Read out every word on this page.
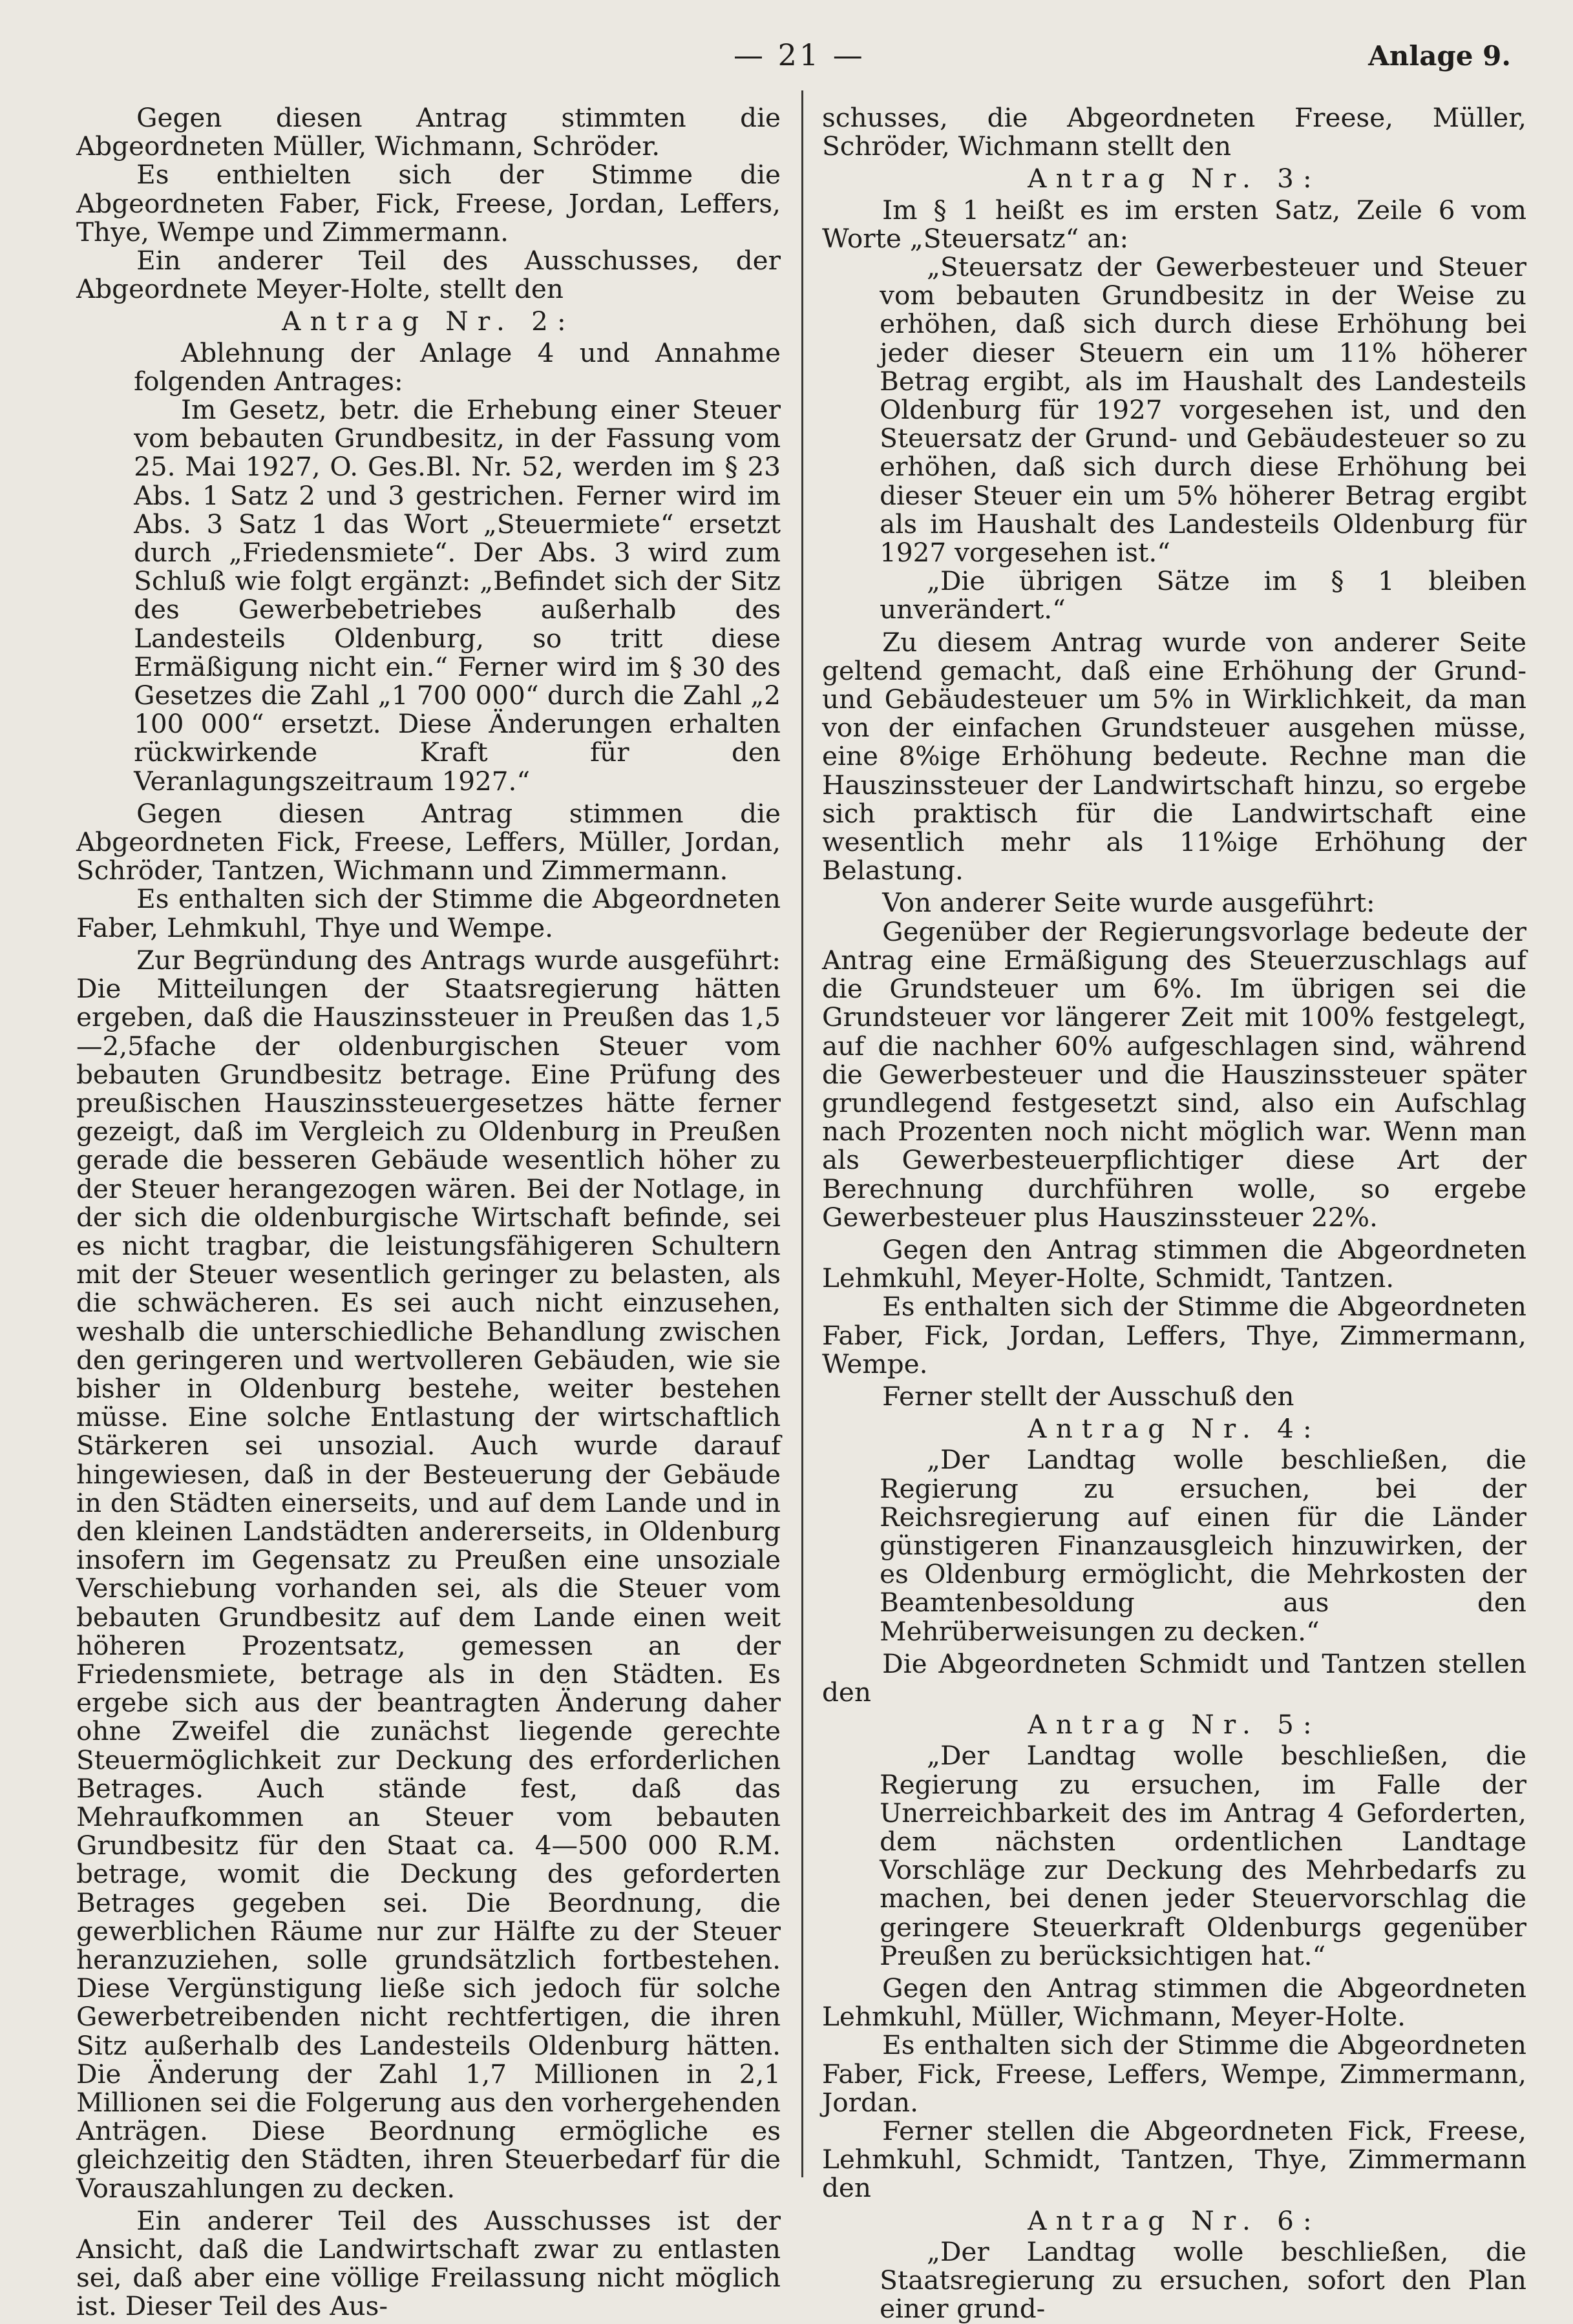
— 21 —	Anlage 9.

Gegen diesen Antrag stimmten die Abgeordneten Müller, Wichmann, Schröder.

Es enthielten sich der Stimme die Abgeordneten Faber, Fick, Freese, Jordan, Leffers, Thye, Wempe und Zimmermann.

Ein anderer Teil des Ausschusses, der Abgeordnete Meyer-Holte, stellt den

Antrag Nr. 2:

Ablehnung der Anlage 4 und Annahme folgenden Antrages:

Im Gesetz, betr. die Erhebung einer Steuer vom bebauten Grundbesitz, in der Fassung vom 25. Mai 1927, O. Ges.Bl. Nr. 52, werden im § 23 Abs. 1 Satz 2 und 3 gestrichen. Ferner wird im Abs. 3 Satz 1 das Wort „Steuermiete“ ersetzt durch „Friedensmiete“. Der Abs. 3 wird zum Schluß wie folgt ergänzt: „Befindet sich der Sitz des Gewerbebetriebes außerhalb des Landesteils Oldenburg, so tritt diese Ermäßigung nicht ein.“ Ferner wird im § 30 des Gesetzes die Zahl „1 700 000“ durch die Zahl „2 100 000“ ersetzt. Diese Änderungen erhalten rückwirkende Kraft für den Veranlagungszeitraum 1927.“

Gegen diesen Antrag stimmen die Abgeordneten Fick, Freese, Leffers, Müller, Jordan, Schröder, Tantzen, Wichmann und Zimmermann.

Es enthalten sich der Stimme die Abgeordneten Faber, Lehmkuhl, Thye und Wempe.

Zur Begründung des Antrags wurde ausgeführt: Die Mitteilungen der Staatsregierung hätten ergeben, daß die Hauszinssteuer in Preußen das 1,5—2,5fache der oldenburgischen Steuer vom bebauten Grundbesitz betrage. Eine Prüfung des preußischen Hauszinssteuergesetzes hätte ferner gezeigt, daß im Vergleich zu Oldenburg in Preußen gerade die besseren Gebäude wesentlich höher zu der Steuer herangezogen wären. Bei der Notlage, in der sich die oldenburgische Wirtschaft befinde, sei es nicht tragbar, die leistungsfähigeren Schultern mit der Steuer wesentlich geringer zu belasten, als die schwächeren. Es sei auch nicht einzusehen, weshalb die unterschiedliche Behandlung zwischen den geringeren und wertvolleren Gebäuden, wie sie bisher in Oldenburg bestehe, weiter bestehen müsse. Eine solche Entlastung der wirtschaftlich Stärkeren sei unsozial. Auch wurde darauf hingewiesen, daß in der Besteuerung der Gebäude in den Städten einerseits, und auf dem Lande und in den kleinen Landstädten andererseits, in Oldenburg insofern im Gegensatz zu Preußen eine unsoziale Verschiebung vorhanden sei, als die Steuer vom bebauten Grundbesitz auf dem Lande einen weit höheren Prozentsatz, gemessen an der Friedensmiete, betrage als in den Städten. Es ergebe sich aus der beantragten Änderung daher ohne Zweifel die zunächst liegende gerechte Steuermöglichkeit zur Deckung des erforderlichen Betrages. Auch stände fest, daß das Mehraufkommen an Steuer vom bebauten Grundbesitz für den Staat ca. 4—500 000 R.M. betrage, womit die Deckung des geforderten Betrages gegeben sei. Die Beordnung, die gewerblichen Räume nur zur Hälfte zu der Steuer heranzuziehen, solle grundsätzlich fortbestehen. Diese Vergünstigung ließe sich jedoch für solche Gewerbetreibenden nicht rechtfertigen, die ihren Sitz außerhalb des Landesteils Oldenburg hätten. Die Änderung der Zahl 1,7 Millionen in 2,1 Millionen sei die Folgerung aus den vorhergehenden Anträgen. Diese Beordnung ermögliche es gleichzeitig den Städten, ihren Steuerbedarf für die Vorauszahlungen zu decken.

Ein anderer Teil des Ausschusses ist der Ansicht, daß die Landwirtschaft zwar zu entlasten sei, daß aber eine völlige Freilassung nicht möglich ist. Dieser Teil des Aus-

schusses, die Abgeordneten Freese, Müller, Schröder, Wichmann stellt den

Antrag Nr. 3:

Im § 1 heißt es im ersten Satz, Zeile 6 vom Worte „Steuersatz“ an:

„Steuersatz der Gewerbesteuer und Steuer vom bebauten Grundbesitz in der Weise zu erhöhen, daß sich durch diese Erhöhung bei jeder dieser Steuern ein um 11% höherer Betrag ergibt, als im Haushalt des Landesteils Oldenburg für 1927 vorgesehen ist, und den Steuersatz der Grund- und Gebäudesteuer so zu erhöhen, daß sich durch diese Erhöhung bei dieser Steuer ein um 5% höherer Betrag ergibt als im Haushalt des Landesteils Oldenburg für 1927 vorgesehen ist.“

„Die übrigen Sätze im § 1 bleiben unverändert.“

Zu diesem Antrag wurde von anderer Seite geltend gemacht, daß eine Erhöhung der Grund- und Gebäudesteuer um 5% in Wirklichkeit, da man von der einfachen Grundsteuer ausgehen müsse, eine 8%ige Erhöhung bedeute. Rechne man die Hauszinssteuer der Landwirtschaft hinzu, so ergebe sich praktisch für die Landwirtschaft eine wesentlich mehr als 11%ige Erhöhung der Belastung.

Von anderer Seite wurde ausgeführt:

Gegenüber der Regierungsvorlage bedeute der Antrag eine Ermäßigung des Steuerzuschlags auf die Grundsteuer um 6%. Im übrigen sei die Grundsteuer vor längerer Zeit mit 100% festgelegt, auf die nachher 60% aufgeschlagen sind, während die Gewerbesteuer und die Hauszinssteuer später grundlegend festgesetzt sind, also ein Aufschlag nach Prozenten noch nicht möglich war. Wenn man als Gewerbesteuerpflichtiger diese Art der Berechnung durchführen wolle, so ergebe Gewerbesteuer plus Hauszinssteuer 22%.

Gegen den Antrag stimmen die Abgeordneten Lehmkuhl, Meyer-Holte, Schmidt, Tantzen.

Es enthalten sich der Stimme die Abgeordneten Faber, Fick, Jordan, Leffers, Thye, Zimmermann, Wempe.

Ferner stellt der Ausschuß den

Antrag Nr. 4:

„Der Landtag wolle beschließen, die Regierung zu ersuchen, bei der Reichsregierung auf einen für die Länder günstigeren Finanzausgleich hinzuwirken, der es Oldenburg ermöglicht, die Mehrkosten der Beamtenbesoldung aus den Mehrüberweisungen zu decken.“

Die Abgeordneten Schmidt und Tantzen stellen den

Antrag Nr. 5:

„Der Landtag wolle beschließen, die Regierung zu ersuchen, im Falle der Unerreichbarkeit des im Antrag 4 Geforderten, dem nächsten ordentlichen Landtage Vorschläge zur Deckung des Mehrbedarfs zu machen, bei denen jeder Steuervorschlag die geringere Steuerkraft Oldenburgs gegenüber Preußen zu berücksichtigen hat.“

Gegen den Antrag stimmen die Abgeordneten Lehmkuhl, Müller, Wichmann, Meyer-Holte.

Es enthalten sich der Stimme die Abgeordneten Faber, Fick, Freese, Leffers, Wempe, Zimmermann, Jordan.

Ferner stellen die Abgeordneten Fick, Freese, Lehmkuhl, Schmidt, Tantzen, Thye, Zimmermann den

Antrag Nr. 6:

„Der Landtag wolle beschließen, die Staatsregierung zu ersuchen, sofort den Plan einer grund-
